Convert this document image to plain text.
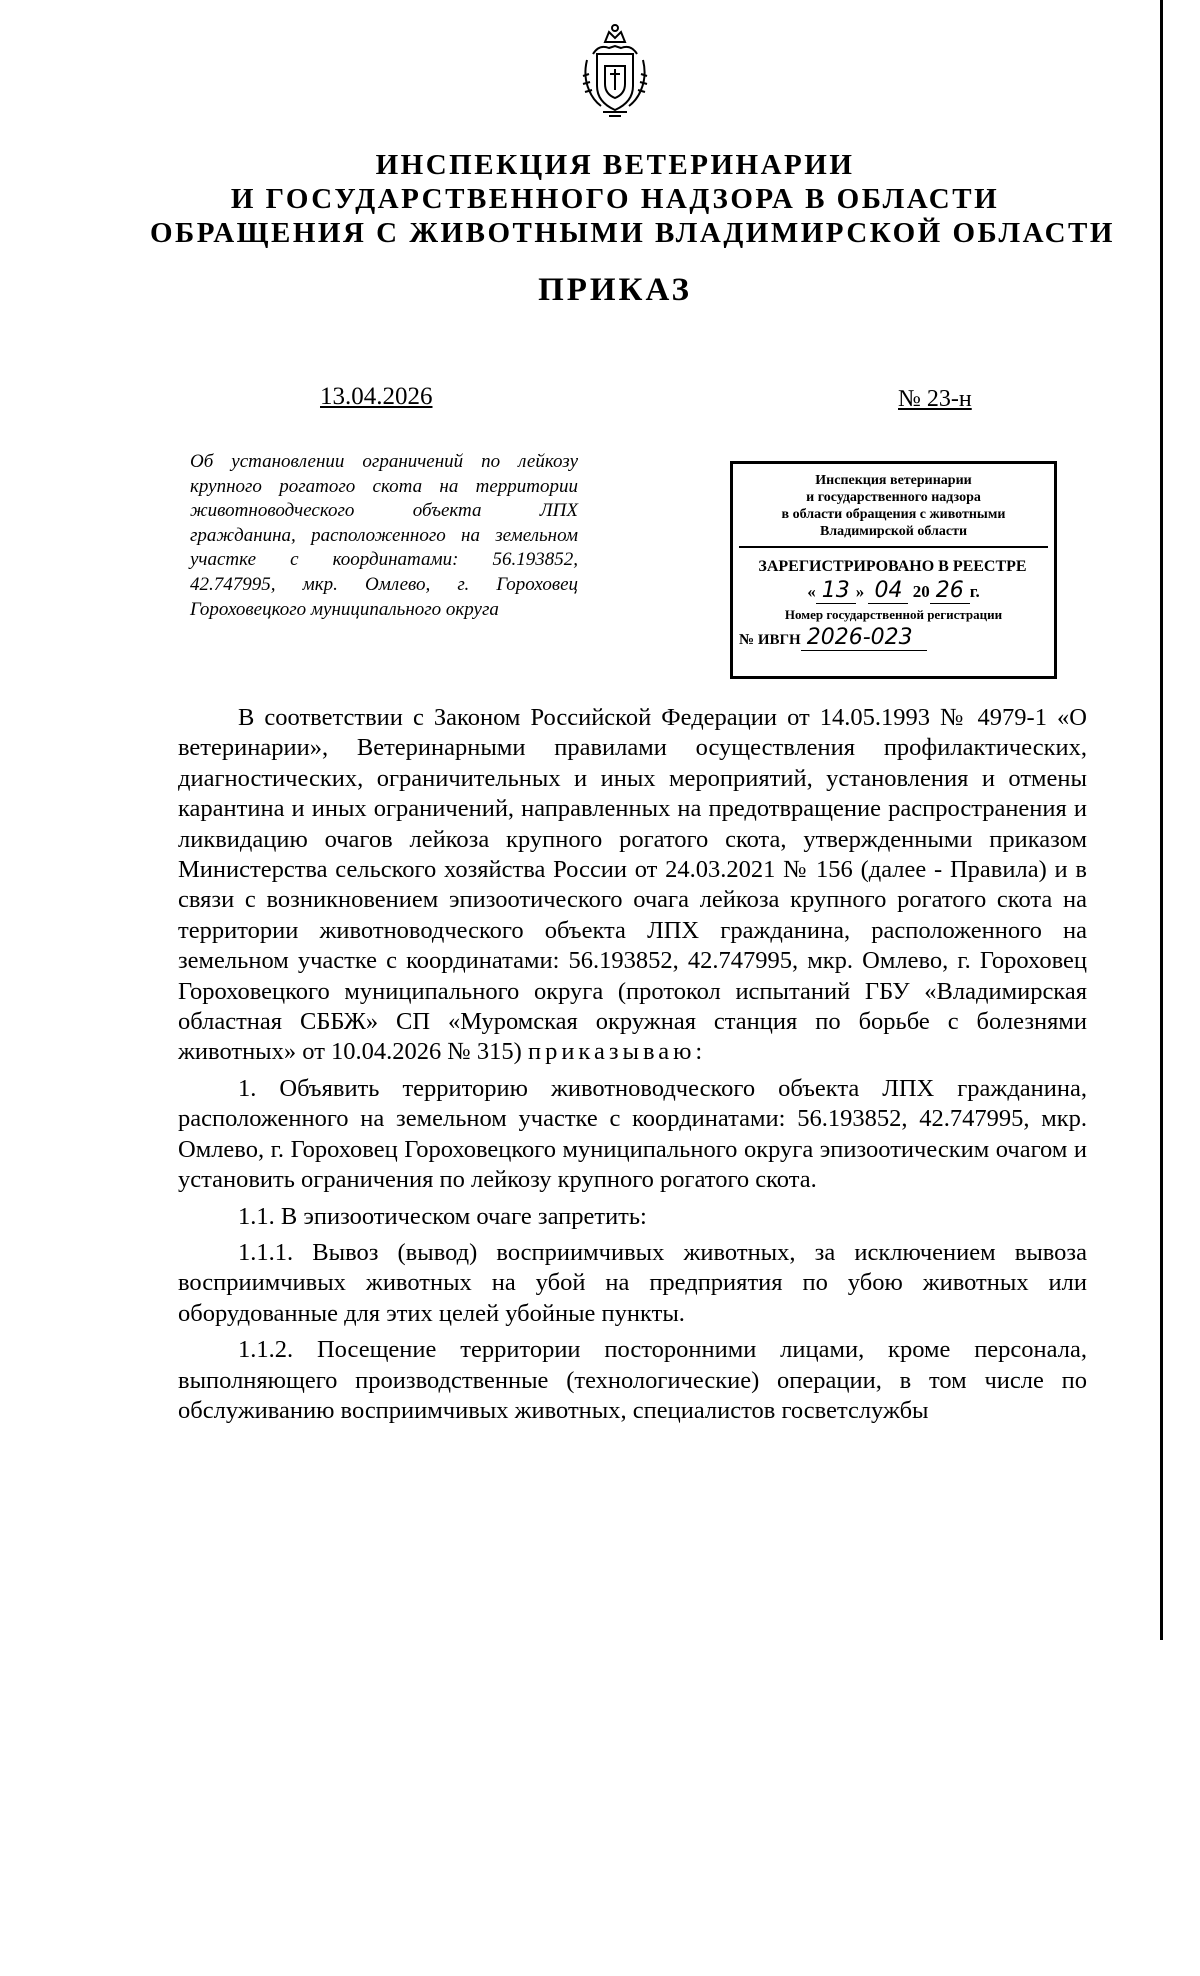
ИНСПЕКЦИЯ ВЕТЕРИНАРИИ
И ГОСУДАРСТВЕННОГО НАДЗОРА В ОБЛАСТИ
ОБРАЩЕНИЯ С ЖИВОТНЫМИ ВЛАДИМИРСКОЙ ОБЛАСТИ
ПРИКАЗ
13.04.2026	№ 23-н
Об установлении ограничений по лейкозу крупного рогатого скота на территории животноводческого объекта ЛПХ гражданина, расположенного на земельном участке с координатами: 56.193852, 42.747995, мкр. Омлево, г. Гороховец Гороховецкого муниципального округа
Инспекция ветеринарии
и государственного надзора
в области обращения с животными
Владимирской области
ЗАРЕГИСТРИРОВАНО В РЕЕСТРЕ
« 13 » 04 20 26 г.
Номер государственной регистрации
№ ИВГН 2026-023

В соответствии с Законом Российской Федерации от 14.05.1993 № 4979-1 «О ветеринарии», Ветеринарными правилами осуществления профилактических, диагностических, ограничительных и иных мероприятий, установления и отмены карантина и иных ограничений, направленных на предотвращение распространения и ликвидацию очагов лейкоза крупного рогатого скота, утвержденными приказом Министерства сельского хозяйства России от 24.03.2021 № 156 (далее - Правила) и в связи с возникновением эпизоотического очага лейкоза крупного рогатого скота на территории животноводческого объекта ЛПХ гражданина, расположенного на земельном участке с координатами: 56.193852, 42.747995, мкр. Омлево, г. Гороховец Гороховецкого муниципального округа (протокол испытаний ГБУ «Владимирская областная СББЖ» СП «Муромская окружная станция по борьбе с болезнями животных» от 10.04.2026 № 315) приказываю:

1. Объявить территорию животноводческого объекта ЛПХ гражданина, расположенного на земельном участке с координатами: 56.193852, 42.747995, мкр. Омлево, г. Гороховец Гороховецкого муниципального округа эпизоотическим очагом и установить ограничения по лейкозу крупного рогатого скота.

1.1. В эпизоотическом очаге запретить:

1.1.1. Вывоз (вывод) восприимчивых животных, за исключением вывоза восприимчивых животных на убой на предприятия по убою животных или оборудованные для этих целей убойные пункты.

1.1.2. Посещение территории посторонними лицами, кроме персонала, выполняющего производственные (технологические) операции, в том числе по обслуживанию восприимчивых животных, специалистов госветслужбы
